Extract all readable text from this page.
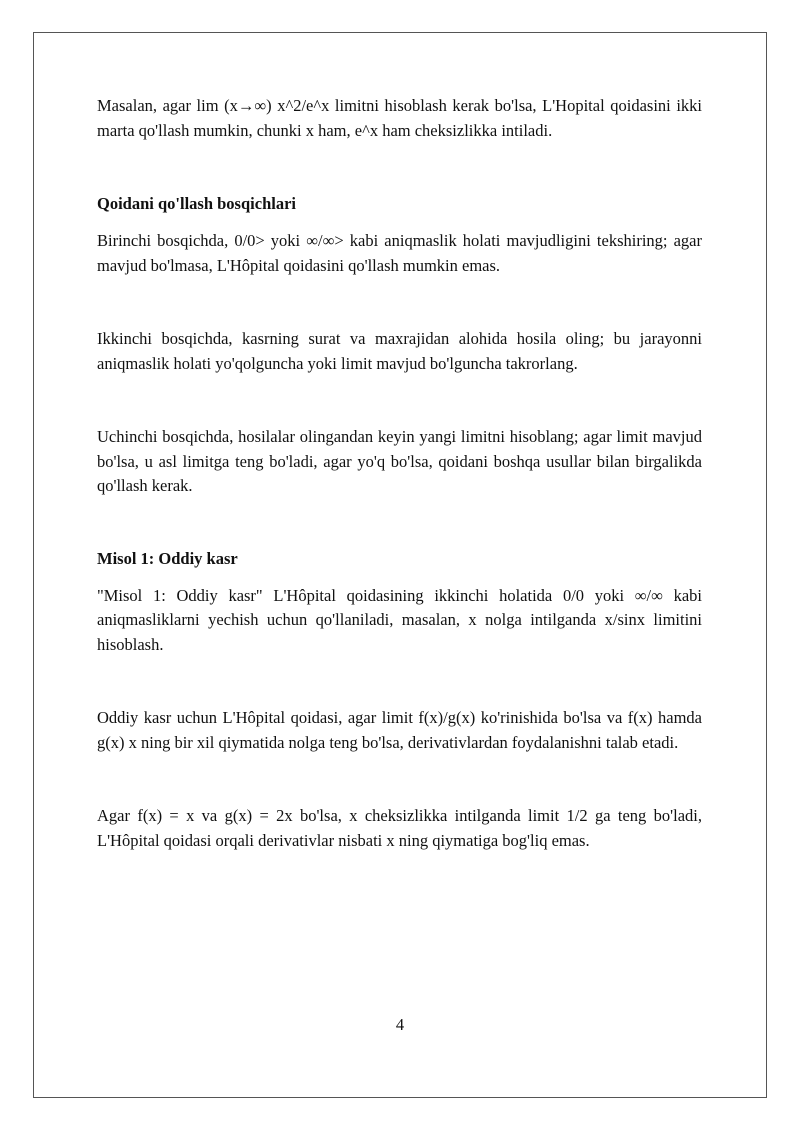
Masalan, agar lim (x→∞) x^2/e^x limitni hisoblash kerak bo'lsa, L'Hopital qoidasini ikki marta qo'llash mumkin, chunki x ham, e^x ham cheksizlikka intiladi.

Qoidani qo'llash bosqichlari

Birinchi bosqichda, 0/0> yoki ∞/∞> kabi aniqmaslik holati mavjudligini tekshiring; agar mavjud bo'lmasa, L'Hôpital qoidasini qo'llash mumkin emas.

Ikkinchi bosqichda, kasrning surat va maxrajidan alohida hosila oling; bu jarayonni aniqmaslik holati yo'qolguncha yoki limit mavjud bo'lguncha takrorlang.

Uchinchi bosqichda, hosilalar olingandan keyin yangi limitni hisoblang; agar limit mavjud bo'lsa, u asl limitga teng bo'ladi, agar yo'q bo'lsa, qoidani boshqa usullar bilan birgalikda qo'llash kerak.

Misol 1: Oddiy kasr

"Misol 1: Oddiy kasr" L'Hôpital qoidasining ikkinchi holatida 0/0 yoki ∞/∞ kabi aniqmasliklarni yechish uchun qo'llaniladi, masalan, x nolga intilganda x/sinx limitini hisoblash.

Oddiy kasr uchun L'Hôpital qoidasi, agar limit f(x)/g(x) ko'rinishida bo'lsa va f(x) hamda g(x) x ning bir xil qiymatida nolga teng bo'lsa, derivativlardan foydalanishni talab etadi.

Agar f(x) = x va g(x) = 2x bo'lsa, x cheksizlikka intilganda limit 1/2 ga teng bo'ladi, L'Hôpital qoidasi orqali derivativlar nisbati x ning qiymatiga bog'liq emas.

4
